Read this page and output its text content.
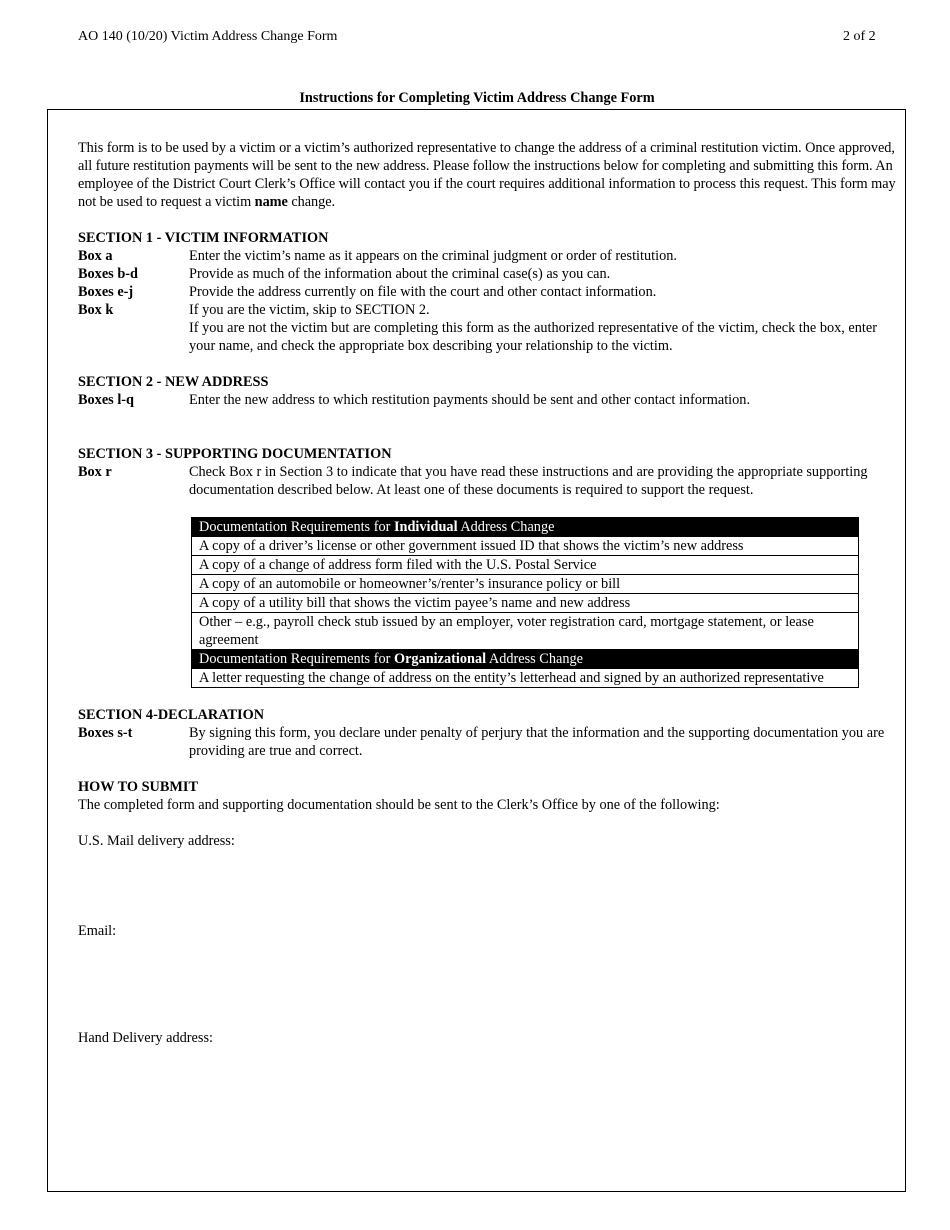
AO 140 (10/20) Victim Address Change Form	2 of 2
Instructions for Completing Victim Address Change Form

This form is to be used by a victim or a victim’s authorized representative to change the address of a criminal restitution victim. Once approved, all future restitution payments will be sent to the new address. Please follow the instructions below for completing and submitting this form. An employee of the District Court Clerk’s Office will contact you if the court requires additional information to process this request. This form may not be used to request a victim name change.

SECTION 1 - VICTIM INFORMATION

Box a	Enter the victim’s name as it appears on the criminal judgment or order of restitution.
Boxes b-d	Provide as much of the information about the criminal case(s) as you can.
Boxes e-j	Provide the address currently on file with the court and other contact information.
Box k	If you are the victim, skip to SECTION 2.
If you are not the victim but are completing this form as the authorized representative of the victim, check the box, enter your name, and check the appropriate box describing your relationship to the victim.

SECTION 2 - NEW ADDRESS

Boxes l-q	Enter the new address to which restitution payments should be sent and other contact information.

SECTION 3 - SUPPORTING DOCUMENTATION

Box r	Check Box r in Section 3 to indicate that you have read these instructions and are providing the appropriate supporting documentation described below. At least one of these documents is required to support the request.
Documentation Requirements for Individual Address Change
A copy of a driver’s license or other government issued ID that shows the victim’s new address
A copy of a change of address form filed with the U.S. Postal Service
A copy of an automobile or homeowner’s/renter’s insurance policy or bill
A copy of a utility bill that shows the victim payee’s name and new address
Other – e.g., payroll check stub issued by an employer, voter registration card, mortgage statement, or lease agreement
Documentation Requirements for Organizational Address Change
A letter requesting the change of address on the entity’s letterhead and signed by an authorized representative

SECTION 4-DECLARATION

Boxes s-t	By signing this form, you declare under penalty of perjury that the information and the supporting documentation you are providing are true and correct.

HOW TO SUBMIT

The completed form and supporting documentation should be sent to the Clerk’s Office by one of the following:

U.S. Mail delivery address:

Email:

Hand Delivery address:
